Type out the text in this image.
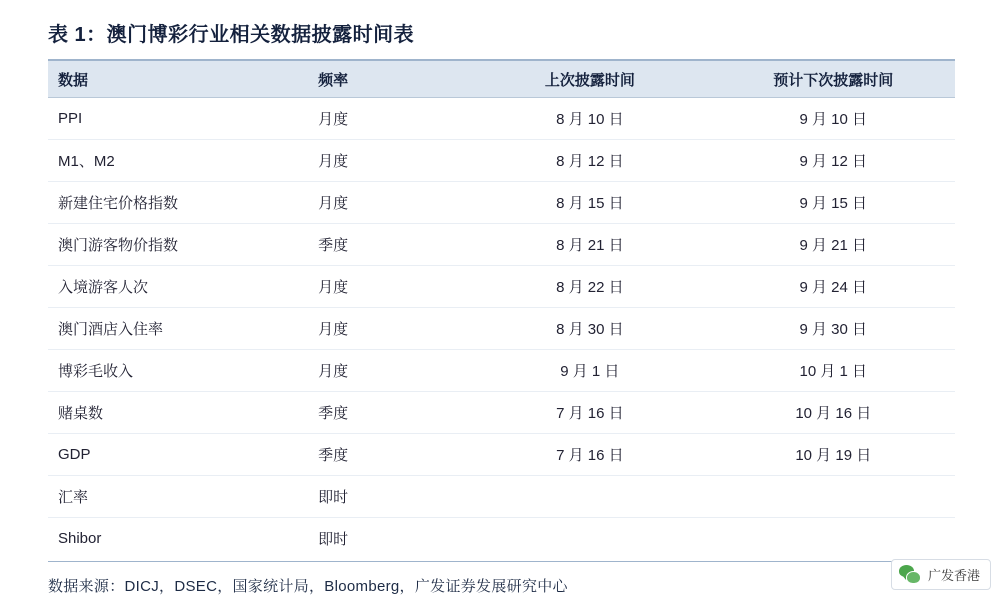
表 1：澳门博彩行业相关数据披露时间表
数据	频率	上次披露时间	预计下次披露时间
PPI	月度	8 月 10 日	9 月 10 日
M1、M2	月度	8 月 12 日	9 月 12 日
新建住宅价格指数	月度	8 月 15 日	9 月 15 日
澳门游客物价指数	季度	8 月 21 日	9 月 21 日
入境游客人次	月度	8 月 22 日	9 月 24 日
澳门酒店入住率	月度	8 月 30 日	9 月 30 日
博彩毛收入	月度	9 月 1 日	10 月 1 日
赌桌数	季度	7 月 16 日	10 月 16 日
GDP	季度	7 月 16 日	10 月 19 日
汇率	即时		
Shibor	即时		
数据来源：DICJ，DSEC，国家统计局，Bloomberg，广发证券发展研究中心
广发香港
